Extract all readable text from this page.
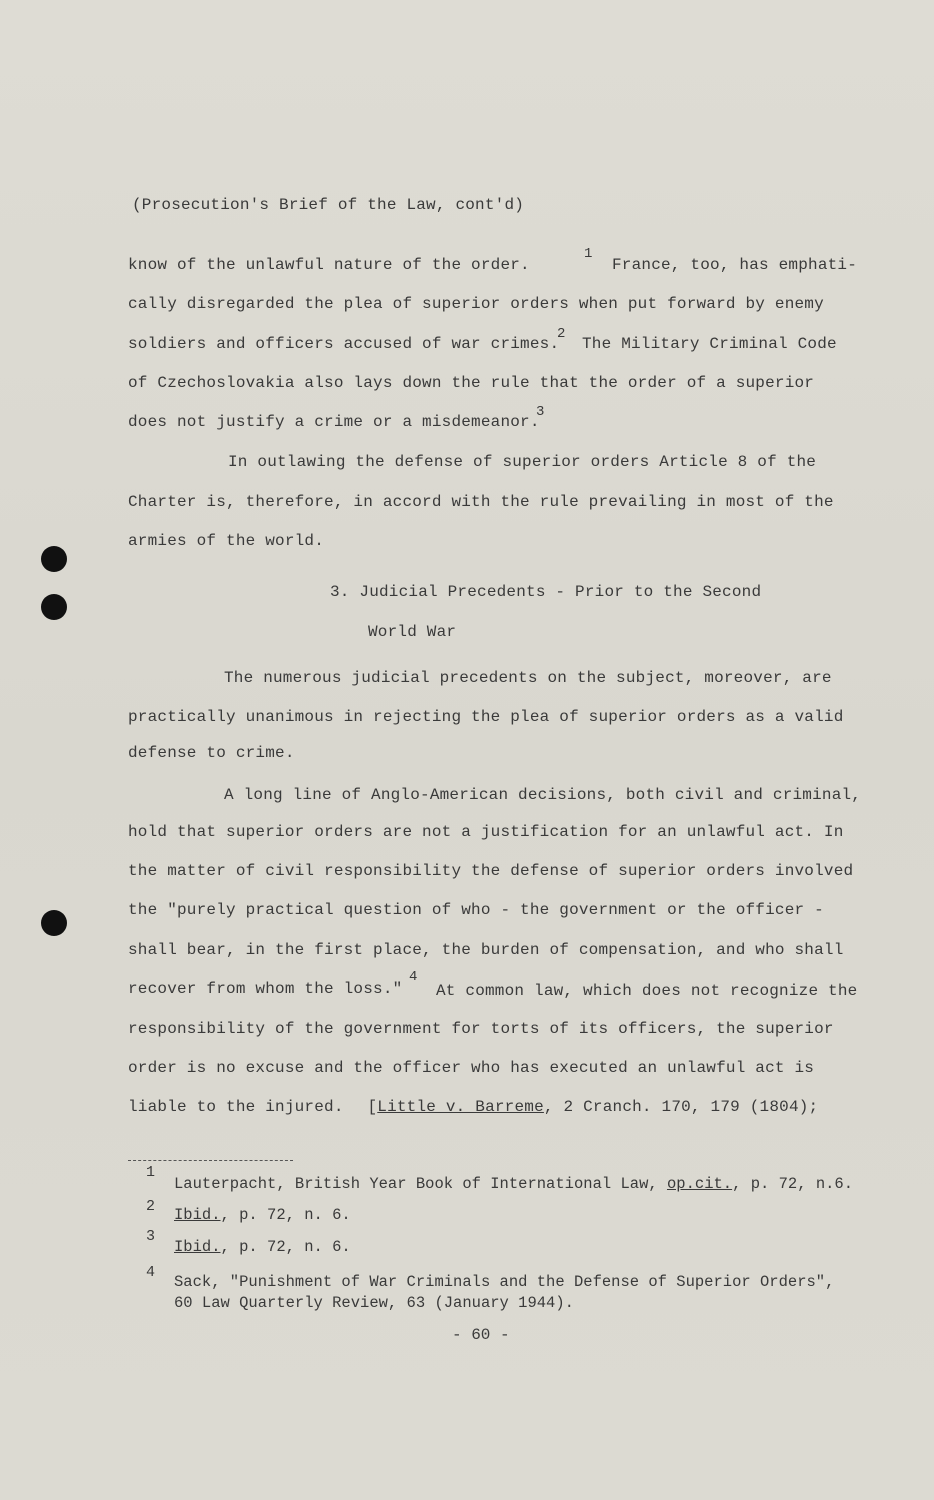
(Prosecution's Brief of the Law, cont'd)
know of the unlawful nature of the order.
1
France, too, has emphati-
cally disregarded the plea of superior orders when put forward by enemy
soldiers and officers accused of war crimes.
2
The Military Criminal Code
of Czechoslovakia also lays down the rule that the order of a superior
does not justify a crime or a misdemeanor.
3
In outlawing the defense of superior orders Article 8 of the
Charter is, therefore, in accord with the rule prevailing in most of the
armies of the world.
3. Judicial Precedents - Prior to the Second
World War
The numerous judicial precedents on the subject, moreover, are
practically unanimous in rejecting the plea of superior orders as a valid
defense to crime.
A long line of Anglo-American decisions, both civil and criminal,
hold that superior orders are not a justification for an unlawful act. In
the matter of civil responsibility the defense of superior orders involved
the "purely practical question of who - the government or the officer -
shall bear, in the first place, the burden of compensation, and who shall
recover from whom the loss."
4
At common law, which does not recognize the
responsibility of the government for torts of its officers, the superior
order is no excuse and the officer who has executed an unlawful act is
liable to the injured. [Little v. Barreme, 2 Cranch. 170, 179 (1804);
1
Lauterpacht, British Year Book of International Law, op.cit., p. 72, n.6.
2 Ibid., p. 72, n. 6.
3
Ibid., p. 72, n. 6.
4
Sack, "Punishment of War Criminals and the Defense of Superior Orders",
60 Law Quarterly Review, 63 (January 1944).
- 60 -
